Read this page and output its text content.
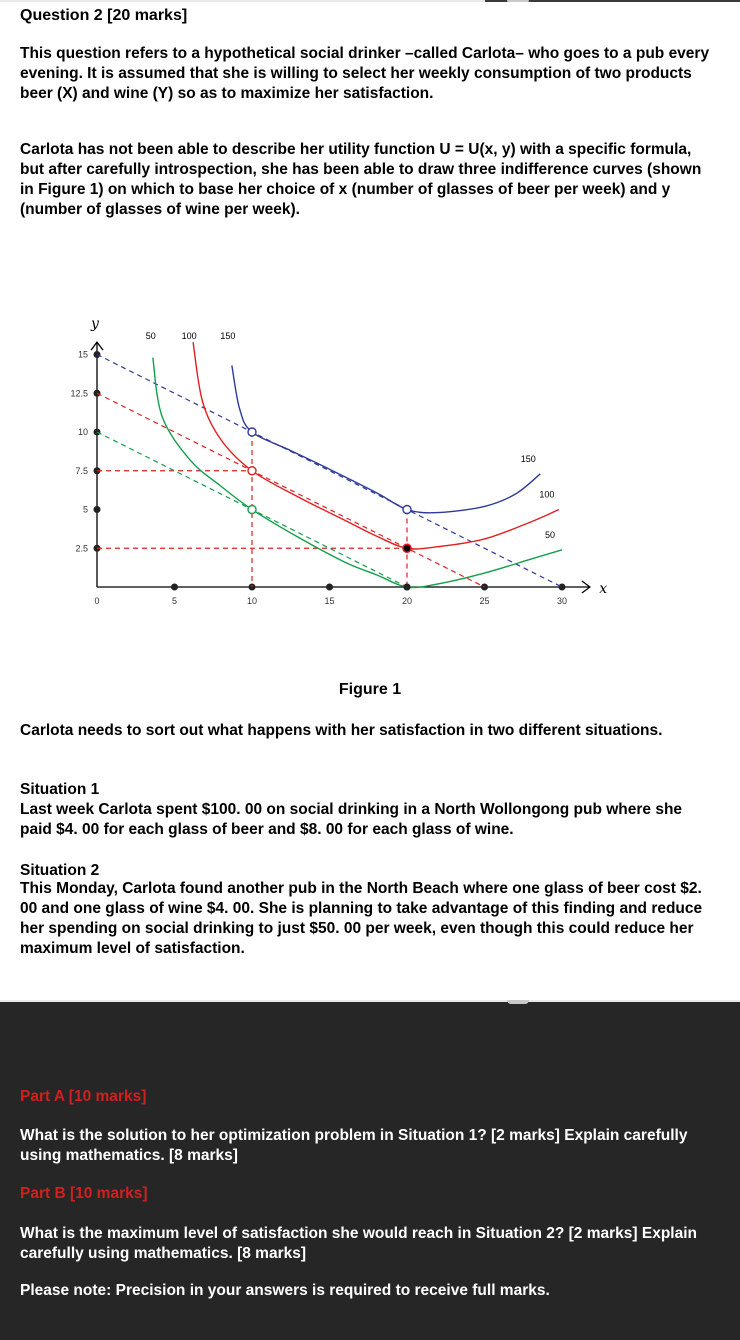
Question 2 [20 marks]

This question refers to a hypothetical social drinker –called Carlota– who goes to a pub every evening. It is assumed that she is willing to select her weekly consumption of two products beer (X) and wine (Y) so as to maximize her satisfaction.

Carlota has not been able to describe her utility function U = U(x, y) with a specific formula, but after carefully introspection, she has been able to draw three indifference curves (shown in Figure 1) on which to base her choice of x (number of glasses of beer per week) and y (number of glasses of wine per week).

x
y
0	5	10	15	20	25	30
2.5
5
7.5
10
12.5
15
50
50
100
100
150
150
Figure 1

Carlota needs to sort out what happens with her satisfaction in two different situations.

Situation 1

Last week Carlota spent $100. 00 on social drinking in a North Wollongong pub where she paid $4. 00 for each glass of beer and $8. 00 for each glass of wine.

Situation 2

This Monday, Carlota found another pub in the North Beach where one glass of beer cost $2. 00 and one glass of wine $4. 00. She is planning to take advantage of this finding and reduce her spending on social drinking to just $50. 00 per week, even though this could reduce her maximum level of satisfaction.

Part A [10 marks]

What is the solution to her optimization problem in Situation 1? [2 marks] Explain carefully using mathematics. [8 marks]

Part B [10 marks]

What is the maximum level of satisfaction she would reach in Situation 2? [2 marks] Explain carefully using mathematics. [8 marks]

Please note: Precision in your answers is required to receive full marks.
